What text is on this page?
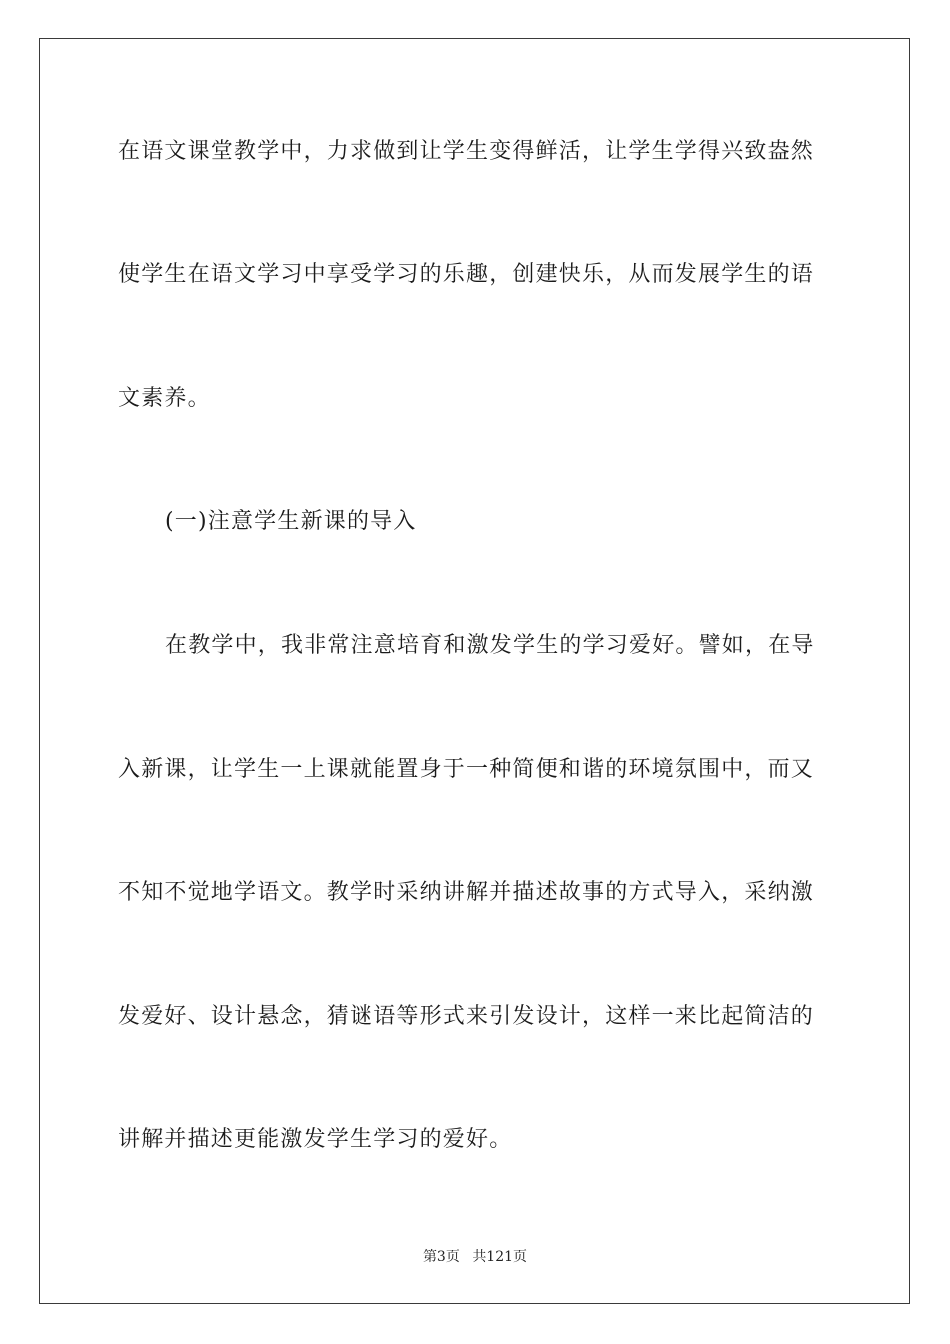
在语文课堂教学中，力求做到让学生变得鲜活，让学生学得兴致盎然
使学生在语文学习中享受学习的乐趣，创建快乐，从而发展学生的语
文素养。
(一)注意学生新课的导入
在教学中，我非常注意培育和激发学生的学习爱好。譬如，在导
入新课，让学生一上课就能置身于一种简便和谐的环境氛围中，而又
不知不觉地学语文。教学时采纳讲解并描述故事的方式导入，采纳激
发爱好、设计悬念，猜谜语等形式来引发设计，这样一来比起简洁的
讲解并描述更能激发学生学习的爱好。
第3页 共121页
